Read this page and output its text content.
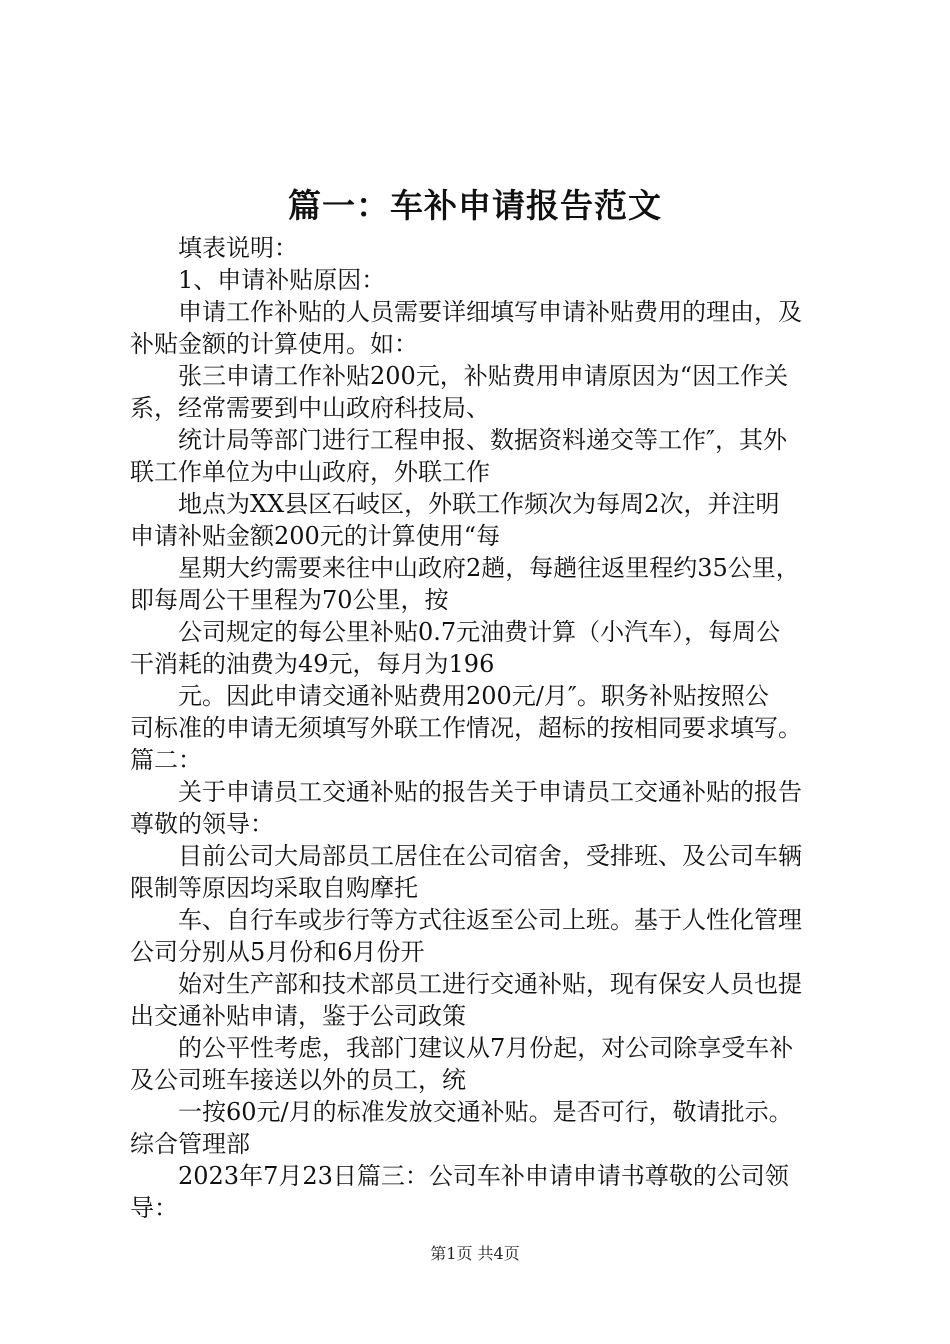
篇一：车补申请报告范文
填表说明：
1、申请补贴原因：
申请工作补贴的人员需要详细填写申请补贴费用的理由，及
补贴金额的计算使用。如：
张三申请工作补贴200元，补贴费用申请原因为“因工作关
系，经常需要到中山政府科技局、
统计局等部门进行工程申报、数据资料递交等工作″，其外
联工作单位为中山政府，外联工作
地点为XX县区石岐区，外联工作频次为每周2次，并注明
申请补贴金额200元的计算使用“每
星期大约需要来往中山政府2趟，每趟往返里程约35公里，
即每周公干里程为70公里，按
公司规定的每公里补贴0.7元油费计算（小汽车），每周公
干消耗的油费为49元，每月为196
元。因此申请交通补贴费用200元/月″。职务补贴按照公
司标准的申请无须填写外联工作情况，超标的按相同要求填写。
篇二：
关于申请员工交通补贴的报告关于申请员工交通补贴的报告
尊敬的领导：
目前公司大局部员工居住在公司宿舍，受排班、及公司车辆
限制等原因均采取自购摩托
车、自行车或步行等方式往返至公司上班。基于人性化管理
公司分别从5月份和6月份开
始对生产部和技术部员工进行交通补贴，现有保安人员也提
出交通补贴申请，鉴于公司政策
的公平性考虑，我部门建议从7月份起，对公司除享受车补
及公司班车接送以外的员工，统
一按60元/月的标准发放交通补贴。是否可行，敬请批示。
综合管理部
2023年7月23日篇三：公司车补申请申请书尊敬的公司领
导：
第1页 共4页
